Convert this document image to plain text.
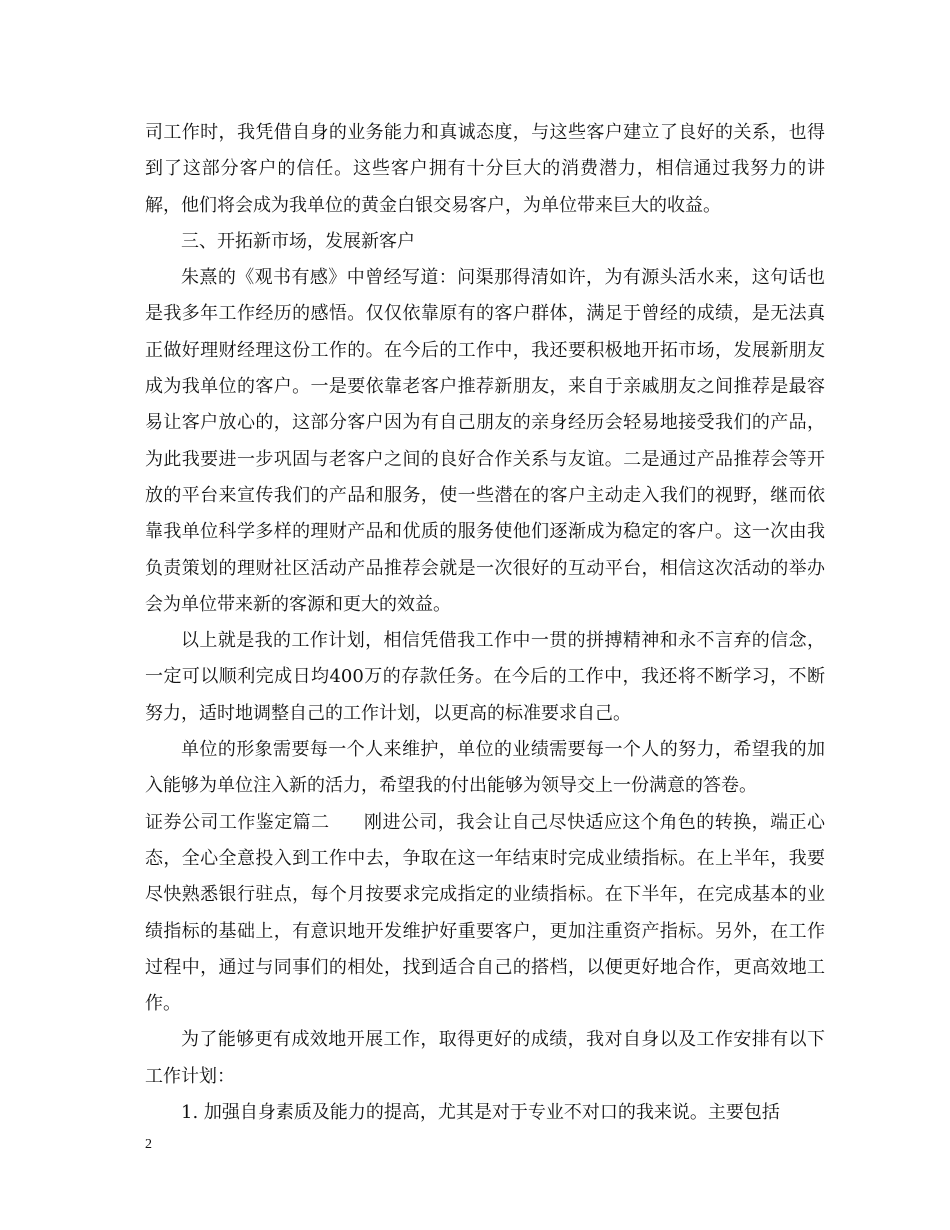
司工作时，我凭借自身的业务能力和真诚态度，与这些客户建立了良好的关系，也得到了这部分客户的信任。这些客户拥有十分巨大的消费潜力，相信通过我努力的讲解，他们将会成为我单位的黄金白银交易客户，为单位带来巨大的收益。

三、开拓新市场，发展新客户

朱熹的《观书有感》中曾经写道：问渠那得清如许，为有源头活水来，这句话也是我多年工作经历的感悟。仅仅依靠原有的客户群体，满足于曾经的成绩，是无法真正做好理财经理这份工作的。在今后的工作中，我还要积极地开拓市场，发展新朋友成为我单位的客户。一是要依靠老客户推荐新朋友，来自于亲戚朋友之间推荐是最容易让客户放心的，这部分客户因为有自己朋友的亲身经历会轻易地接受我们的产品，为此我要进一步巩固与老客户之间的良好合作关系与友谊。二是通过产品推荐会等开放的平台来宣传我们的产品和服务，使一些潜在的客户主动走入我们的视野，继而依靠我单位科学多样的理财产品和优质的服务使他们逐渐成为稳定的客户。这一次由我负责策划的理财社区活动产品推荐会就是一次很好的互动平台，相信这次活动的举办会为单位带来新的客源和更大的效益。

以上就是我的工作计划，相信凭借我工作中一贯的拼搏精神和永不言弃的信念，一定可以顺利完成日均400万的存款任务。在今后的工作中，我还将不断学习，不断努力，适时地调整自己的工作计划，以更高的标准要求自己。

单位的形象需要每一个人来维护，单位的业绩需要每一个人的努力，希望我的加入能够为单位注入新的活力，希望我的付出能够为领导交上一份满意的答卷。

证券公司工作鉴定篇二 刚进公司，我会让自己尽快适应这个角色的转换，端正心态，全心全意投入到工作中去，争取在这一年结束时完成业绩指标。在上半年，我要尽快熟悉银行驻点，每个月按要求完成指定的业绩指标。在下半年，在完成基本的业绩指标的基础上，有意识地开发维护好重要客户，更加注重资产指标。另外，在工作过程中，通过与同事们的相处，找到适合自己的搭档，以便更好地合作，更高效地工作。

为了能够更有成效地开展工作，取得更好的成绩，我对自身以及工作安排有以下工作计划：

1. 加强自身素质及能力的提高，尤其是对于专业不对口的我来说。主要包括

2
